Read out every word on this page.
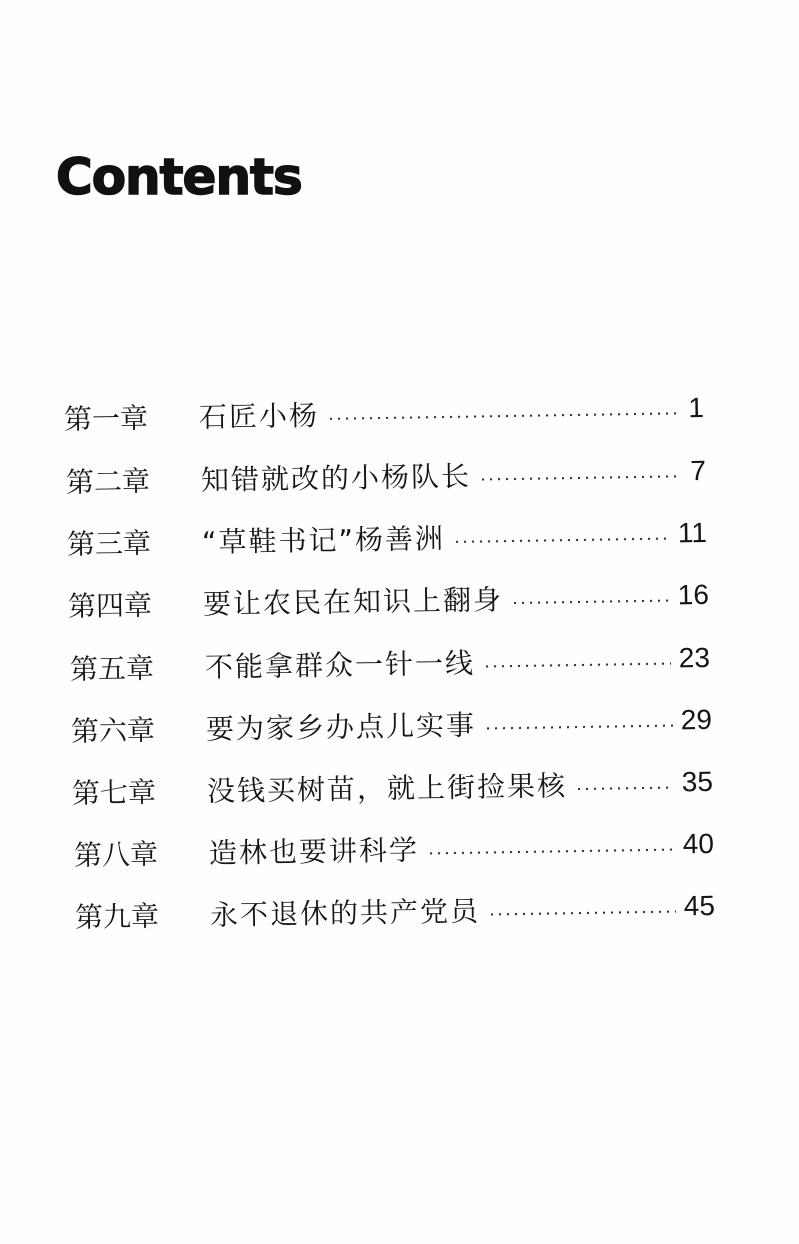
Contents
第一章	石匠小杨	1
第二章	知错就改的小杨队长	7
第三章	“草鞋书记”杨善洲	11
第四章	要让农民在知识上翻身	16
第五章	不能拿群众一针一线	23
第六章	要为家乡办点儿实事	29
第七章	没钱买树苗，就上街捡果核	35
第八章	造林也要讲科学	40
第九章	永不退休的共产党员	45
